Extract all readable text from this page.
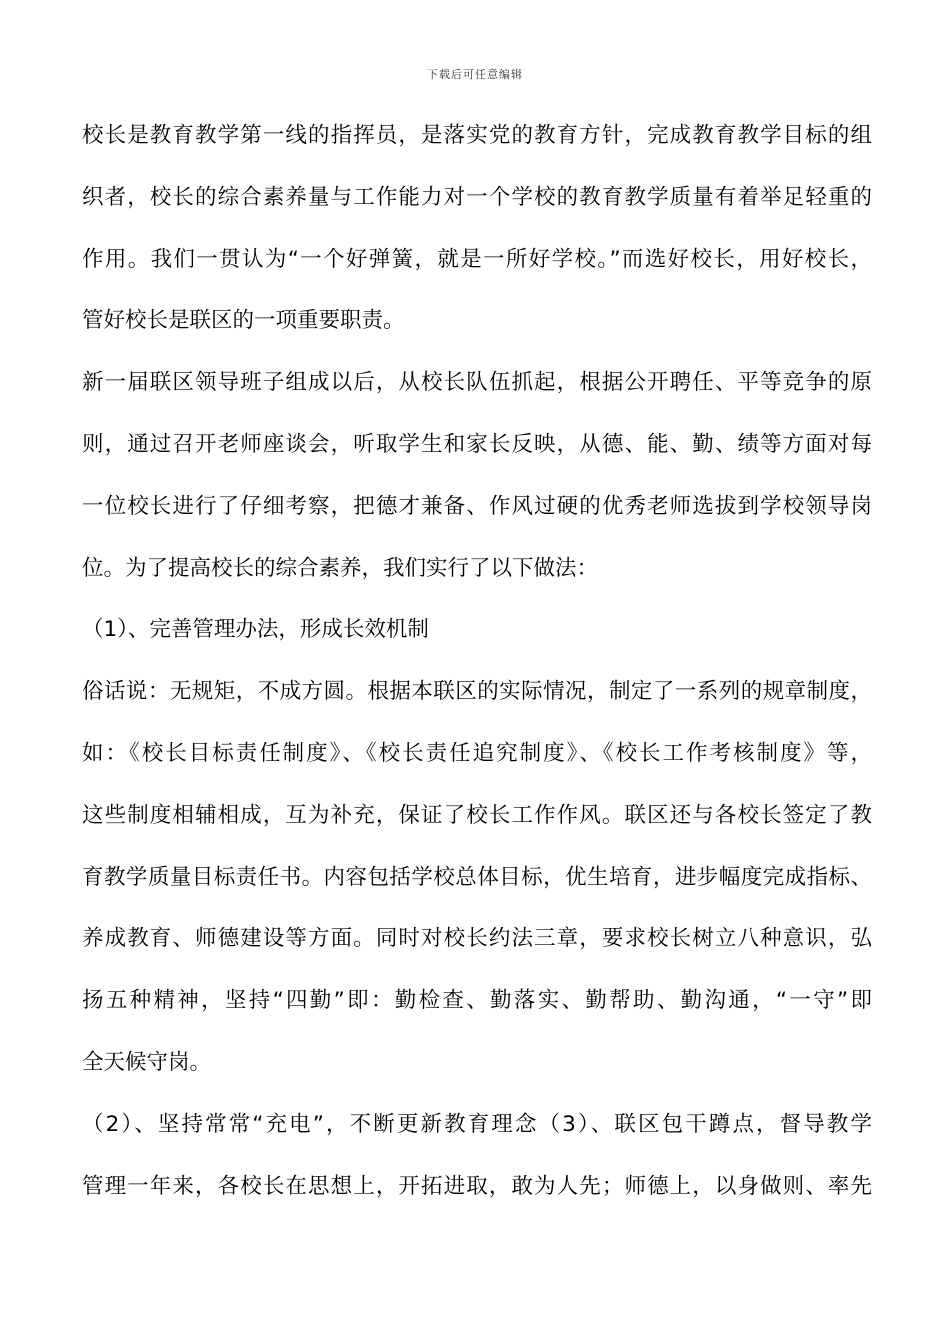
下载后可任意编辑
校长是教育教学第一线的指挥员，是落实党的教育方针，完成教育教学目标的组
织者，校长的综合素养量与工作能力对一个学校的教育教学质量有着举足轻重的
作用。我们一贯认为“一个好弹簧，就是一所好学校。”而选好校长，用好校长，
管好校长是联区的一项重要职责。
新一届联区领导班子组成以后，从校长队伍抓起，根据公开聘任、平等竞争的原
则，通过召开老师座谈会，听取学生和家长反映，从德、能、勤、绩等方面对每
一位校长进行了仔细考察，把德才兼备、作风过硬的优秀老师选拔到学校领导岗
位。为了提高校长的综合素养，我们实行了以下做法：
（1）、完善管理办法，形成长效机制
俗话说：无规矩，不成方圆。根据本联区的实际情况，制定了一系列的规章制度，
如：《校长目标责任制度》、《校长责任追究制度》、《校长工作考核制度》等，
这些制度相辅相成，互为补充，保证了校长工作作风。联区还与各校长签定了教
育教学质量目标责任书。内容包括学校总体目标，优生培育，进步幅度完成指标、
养成教育、师德建设等方面。同时对校长约法三章，要求校长树立八种意识，弘
扬五种精神，坚持“四勤”即：勤检查、勤落实、勤帮助、勤沟通，“一守”即
全天候守岗。
（2）、坚持常常“充电”，不断更新教育理念（3）、联区包干蹲点，督导教学
管理一年来，各校长在思想上，开拓进取，敢为人先；师德上，以身做则、率先
